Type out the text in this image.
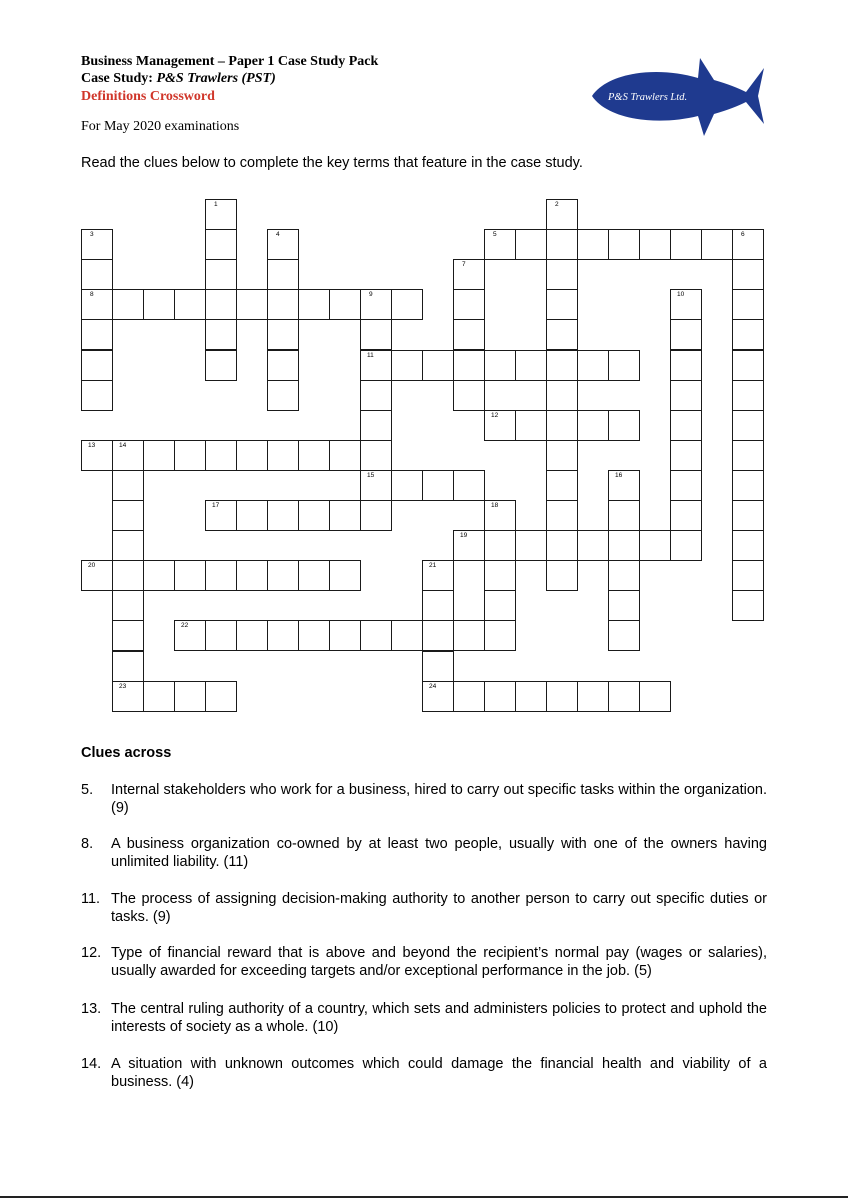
Business Management – Paper 1 Case Study Pack
Case Study: P&S Trawlers (PST)
Definitions Crossword
For May 2020 examinations
P&S Trawlers Ltd.
Read the clues below to complete the key terms that feature in the case study.
1	2
3
8
4	5	6
7
9
11
10
12
13	14
23
15	16
17	18
19
20	21
24
22
Clues across
5. Internal stakeholders who work for a business, hired to carry out specific tasks within the organization. (9)
8. A business organization co-owned by at least two people, usually with one of the owners having unlimited liability. (11)
11. The process of assigning decision-making authority to another person to carry out specific duties or tasks. (9)
12. Type of financial reward that is above and beyond the recipient’s normal pay (wages or salaries), usually awarded for exceeding targets and/or exceptional performance in the job. (5)
13. The central ruling authority of a country, which sets and administers policies to protect and uphold the interests of society as a whole. (10)
14. A situation with unknown outcomes which could damage the financial health and viability of a business. (4)
